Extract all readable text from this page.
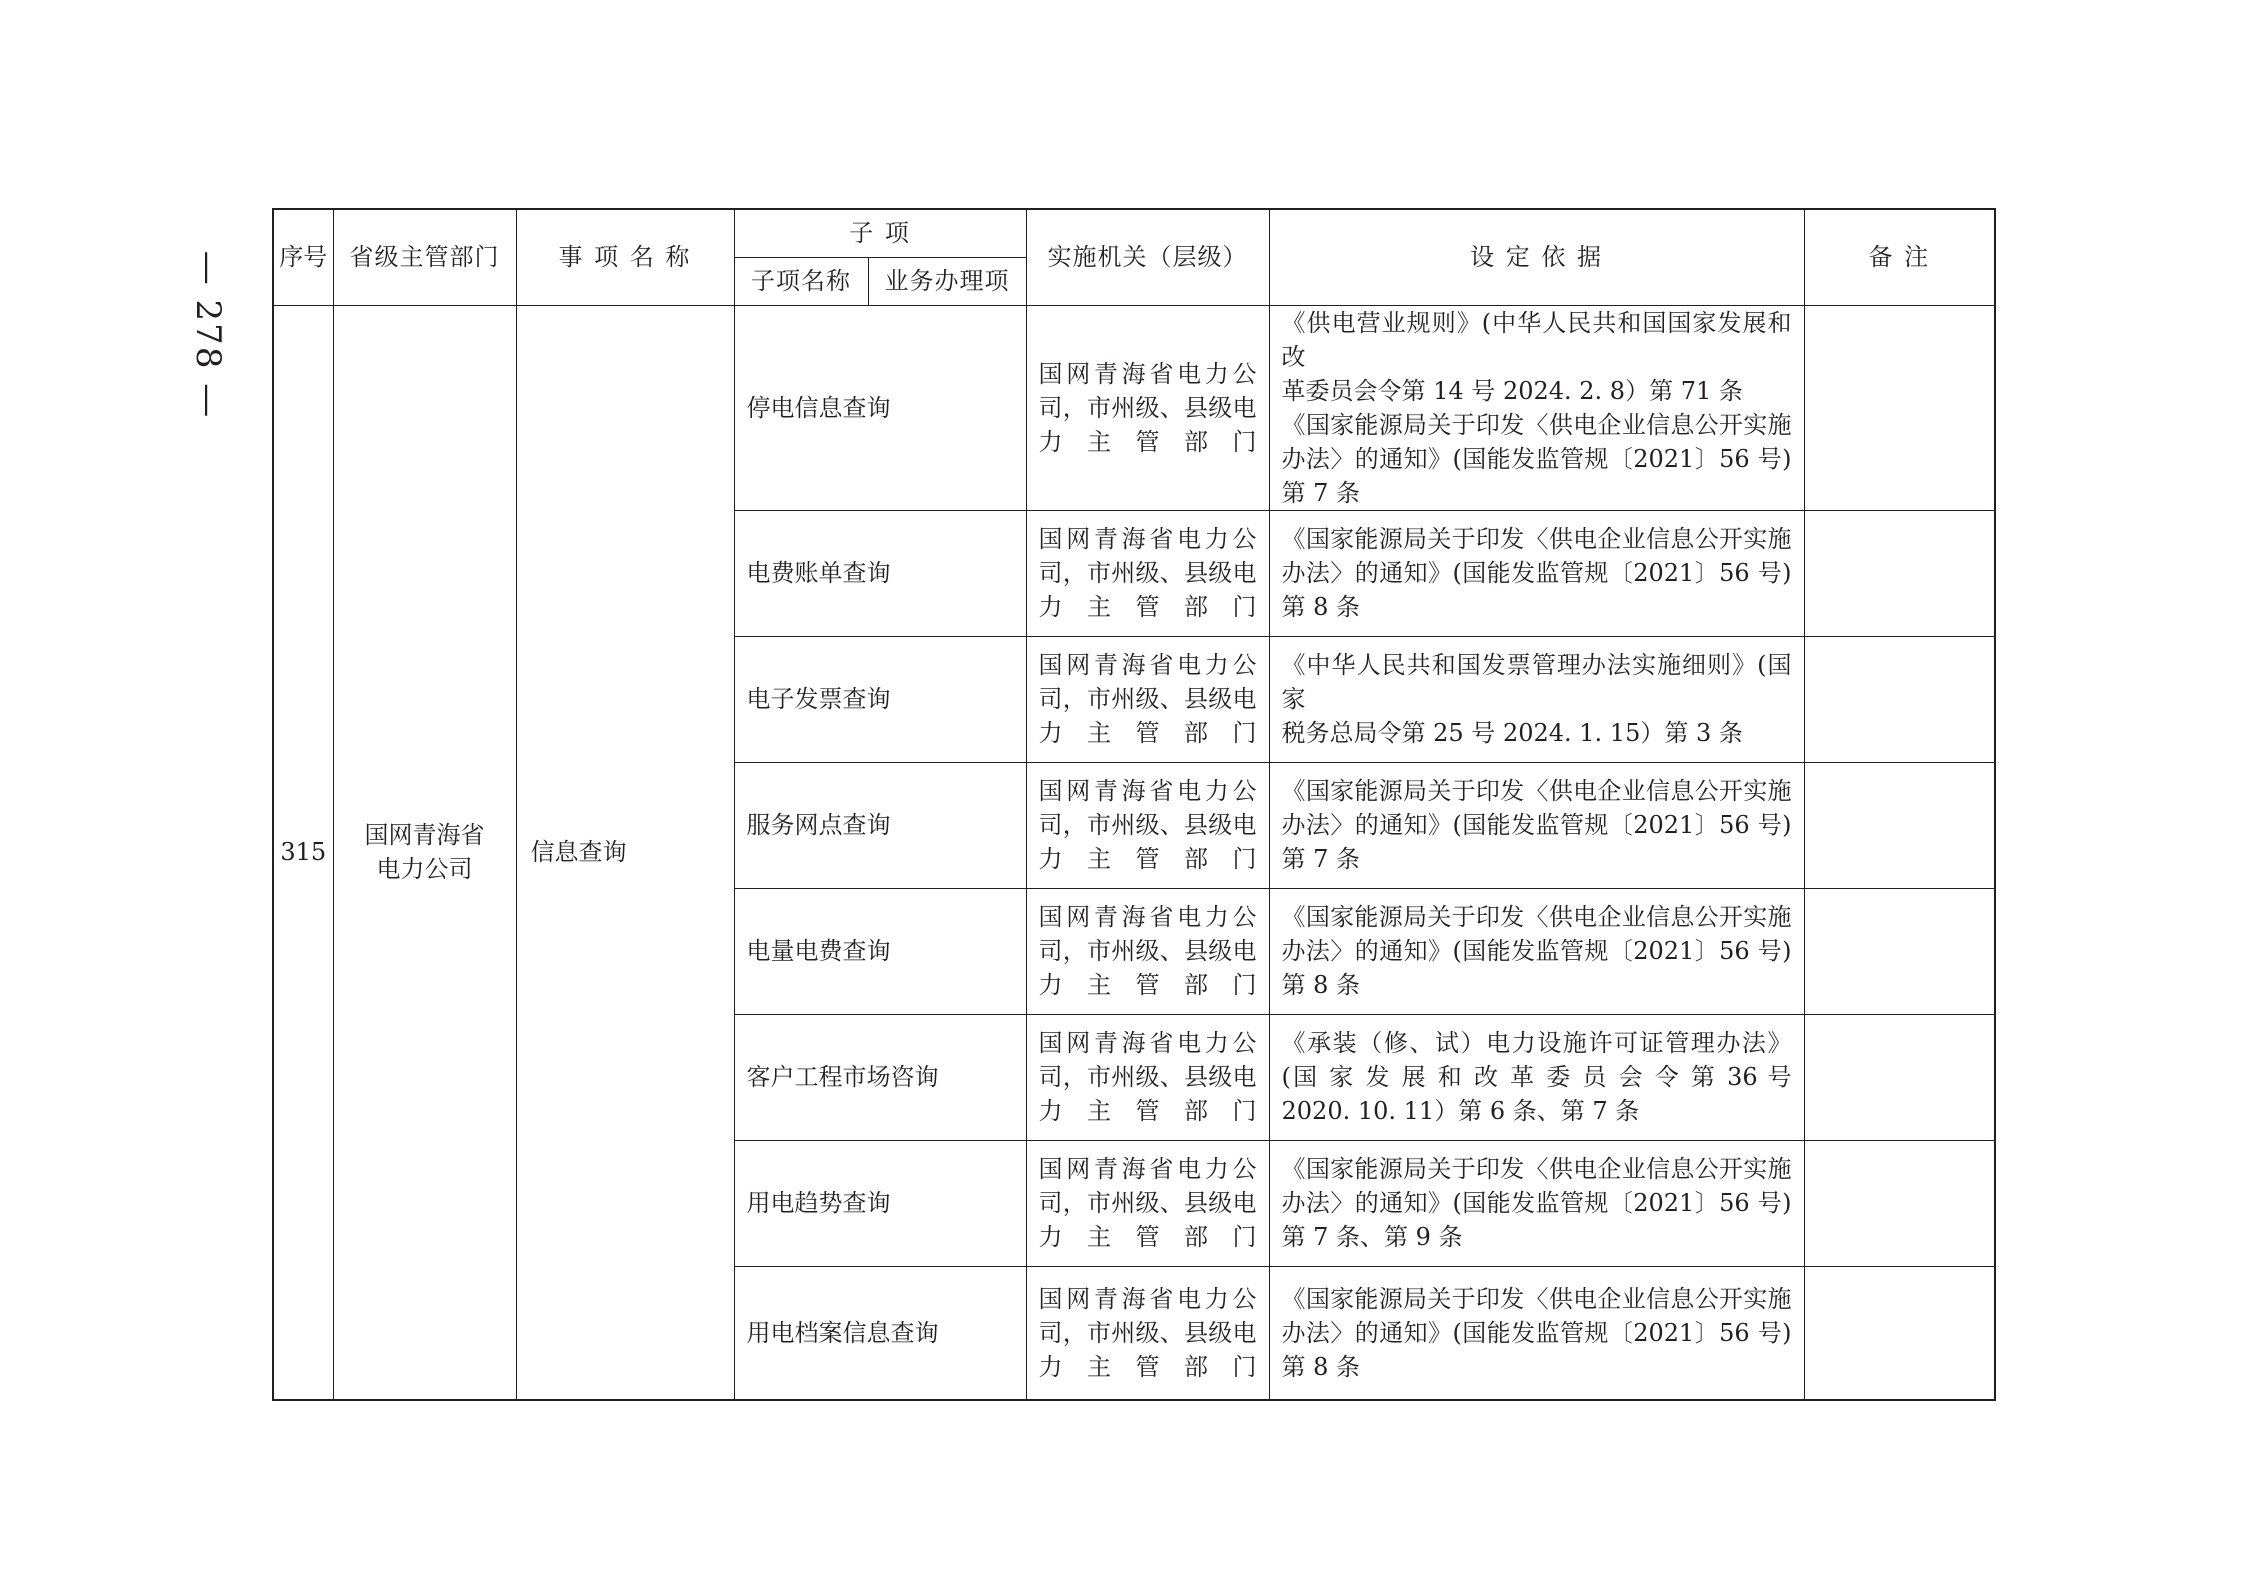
— 278 — 序号	省级主管部门	事 项 名 称	子 项		实施机关（层级）	设 定 依 据	备 注
			子项名称	业务办理项			
315	国网青海省电力公司	信息查询	停电信息查询		国网青海省电力公司，市州级、县级电力主管部门	《供电营业规则》(中华人民共和国国家发展和改
革委员会令第 14 号 2024. 2. 8）第 71 条
《国家能源局关于印发〈供电企业信息公开实施
办法〉的通知》(国能发监管规〔2021〕56 号)
第 7 条	

			电费账单查询		国网青海省电力公司，市州级、县级电力主管部门	《国家能源局关于印发〈供电企业信息公开实施
办法〉的通知》(国能发监管规〔2021〕56 号)
第 8 条	

			电子发票查询		国网青海省电力公司，市州级、县级电力主管部门	《中华人民共和国发票管理办法实施细则》(国家
税务总局令第 25 号 2024. 1. 15）第 3 条	

			服务网点查询		国网青海省电力公司，市州级、县级电力主管部门	《国家能源局关于印发〈供电企业信息公开实施
办法〉的通知》(国能发监管规〔2021〕56 号)
第 7 条	

			电量电费查询		国网青海省电力公司，市州级、县级电力主管部门	《国家能源局关于印发〈供电企业信息公开实施
办法〉的通知》(国能发监管规〔2021〕56 号)
第 8 条	

			客户工程市场咨询		国网青海省电力公司，市州级、县级电力主管部门	《承装（修、试）电力设施许可证管理办法》
(国 家 发 展 和 改 革 委 员 会 令 第 36 号
2020. 10. 11）第 6 条、第 7 条	

			用电趋势查询		国网青海省电力公司，市州级、县级电力主管部门	《国家能源局关于印发〈供电企业信息公开实施
办法〉的通知》(国能发监管规〔2021〕56 号)
第 7 条、第 9 条	

			用电档案信息查询		国网青海省电力公司，市州级、县级电力主管部门	《国家能源局关于印发〈供电企业信息公开实施
办法〉的通知》(国能发监管规〔2021〕56 号)
第 8 条	
